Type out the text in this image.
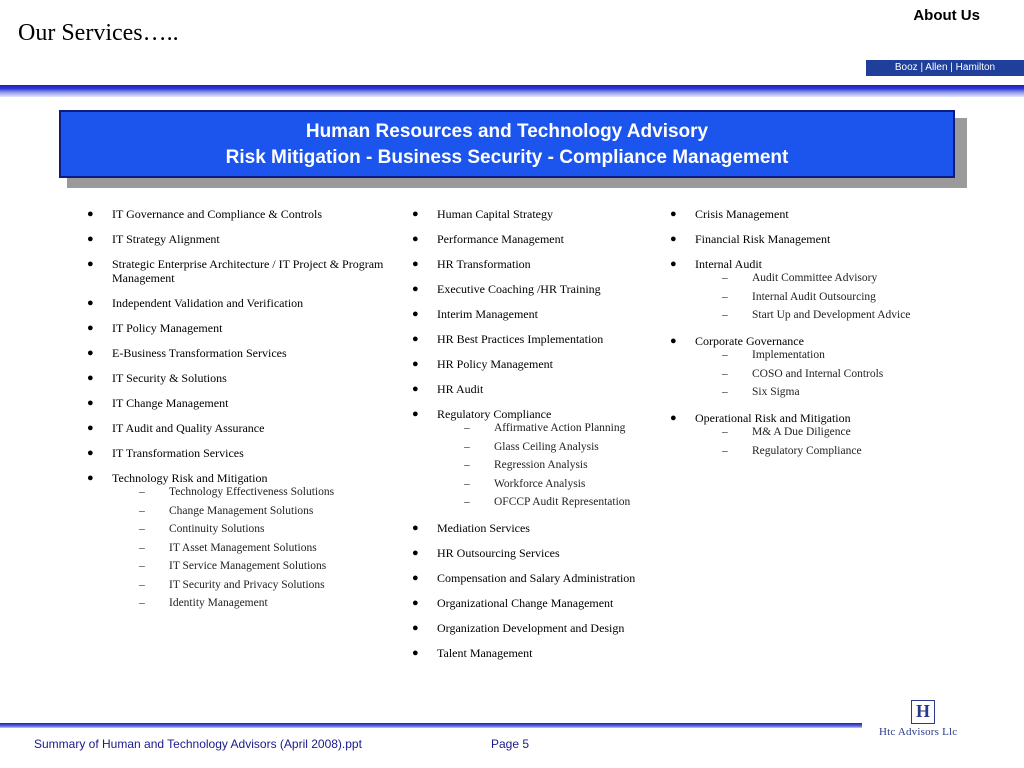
Our Services…..
About Us
Booz | Allen | Hamilton
Human Resources and Technology Advisory
Risk Mitigation - Business Security - Compliance Management
● IT Governance and Compliance & Controls
● IT Strategy Alignment
● Strategic Enterprise Architecture / IT Project & Program Management
● Independent Validation and Verification
● IT Policy Management
● E-Business Transformation Services
● IT Security & Solutions
● IT Change Management
● IT Audit and Quality Assurance
● IT Transformation Services
● Technology Risk and Mitigation
– Technology Effectiveness Solutions
– Change Management Solutions
– Continuity Solutions
– IT Asset Management Solutions
– IT Service Management Solutions
– IT Security and Privacy Solutions
– Identity Management
● Human Capital Strategy
● Performance Management
● HR Transformation
● Executive Coaching /HR Training
● Interim Management
● HR Best Practices Implementation
● HR Policy Management
● HR Audit
● Regulatory Compliance
– Affirmative Action Planning
– Glass Ceiling Analysis
– Regression Analysis
– Workforce Analysis
– OFCCP Audit Representation
● Mediation Services
● HR Outsourcing Services
● Compensation and Salary Administration
● Organizational Change Management
● Organization Development and Design
● Talent Management
● Crisis Management
● Financial Risk Management
● Internal Audit
– Audit Committee Advisory
– Internal Audit Outsourcing
– Start Up and Development Advice
● Corporate Governance
– Implementation
– COSO and Internal Controls
– Six Sigma
● Operational Risk and Mitigation
– M& A Due Diligence
– Regulatory Compliance
Summary of Human and Technology Advisors (April 2008).ppt	Page 5
H
Htc Advisors Llc
